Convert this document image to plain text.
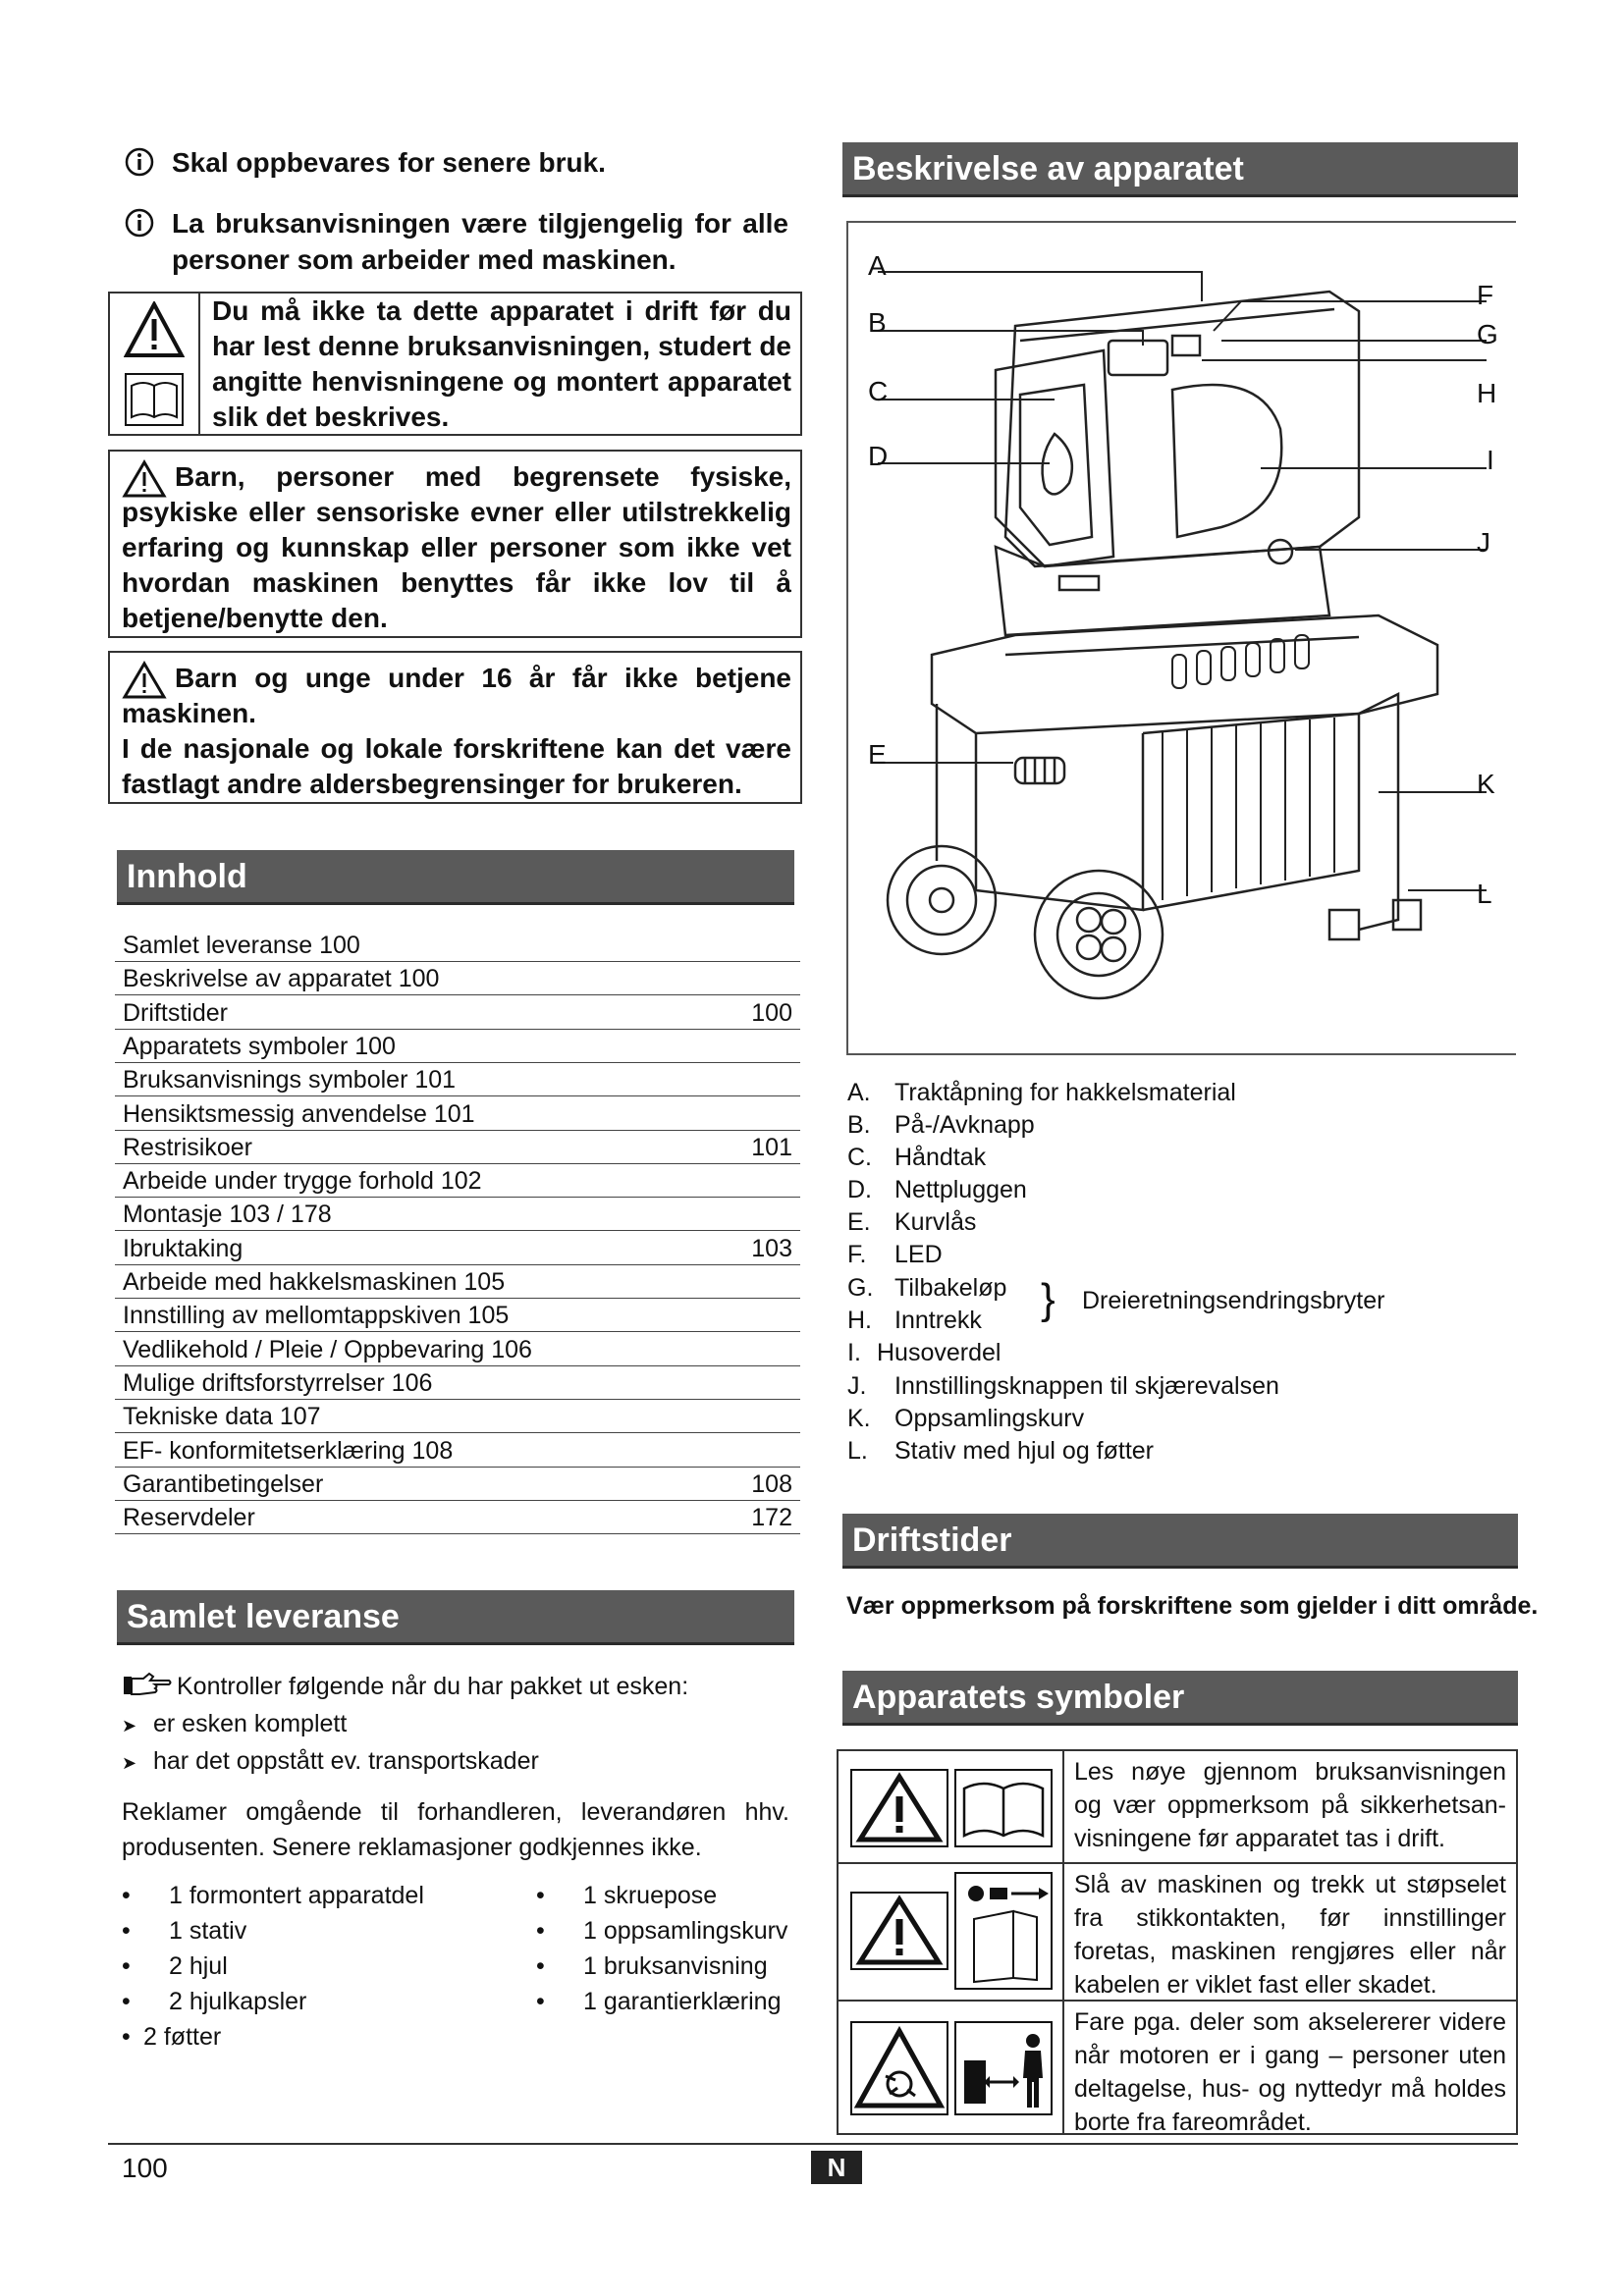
Skal oppbevares for senere bruk.
La bruksanvisningen være tilgjengelig for alle personer som arbeider med maskinen.
Du må ikke ta dette apparatet i drift før du har lest denne bruksanvisningen, studert de angitte henvisningene og montert apparatet slik det beskrives.
Barn, personer med begrensete fysiske, psykiske eller sensoriske evner eller utilstrekkelig erfaring og kunnskap eller personer som ikke vet hvordan maskinen benyttes får ikke lov til å betjene/benytte den.
Barn og unge under 16 år får ikke betjene maskinen.
I de nasjonale og lokale forskriftene kan det være fastlagt andre aldersbegrensinger for brukeren.
Innhold
Samlet leveranse 100
Beskrivelse av apparatet 100
Driftstider	100
Apparatets symboler 100
Bruksanvisnings symboler 101
Hensiktsmessig anvendelse 101
Restrisikoer	101
Arbeide under trygge forhold 102
Montasje 103 / 178
Ibruktaking	103
Arbeide med hakkelsmaskinen 105
Innstilling av mellomtappskiven 105
Vedlikehold / Pleie / Oppbevaring 106
Mulige driftsforstyrrelser 106
Tekniske data 107
EF- konformitetserklæring 108
Garantibetingelser	108
Reservdeler	172
Samlet leveranse
Kontroller følgende når du har pakket ut esken:
➤ er esken komplett
➤ har det oppstått ev. transportskader
Reklamer omgående til forhandleren, leverandøren hhv. produsenten. Senere reklamasjoner godkjennes ikke.
• 1 formontert apparatdel
• 1 stativ
• 2 hjul
• 2 hjulkapsler
• 2 føtter
• 1 skruepose
• 1 oppsamlingskurv
• 1 bruksanvisning
• 1 garantierklæring
Beskrivelse av apparatet
A
B
C
D
E
F
G
H
I
J
K
L
A. Traktåpning for hakkelsmaterial
B. På-/Avknapp
C. Håndtak
D. Nettpluggen
E. Kurvlås
F. LED
G. Tilbakeløp
H. Inntrekk
I. Husoverdel
J. Innstillingsknappen til skjærevalsen
K. Oppsamlingskurv
L. Stativ med hjul og føtter
} Dreieretningsendringsbryter
Driftstider
Vær oppmerksom på forskriftene som gjelder i ditt område.
Apparatets symboler
Les nøye gjennom bruksanvisningen og vær oppmerksom på sikkerhetsan-visningene før apparatet tas i drift.
Slå av maskinen og trekk ut støpselet fra stikkontakten, før innstillinger foretas, maskinen rengjøres eller når kabelen er viklet fast eller skadet.
Fare pga. deler som akselererer videre når motoren er i gang – personer uten deltagelse, hus- og nyttedyr må holdes borte fra fareområdet.
100	N
